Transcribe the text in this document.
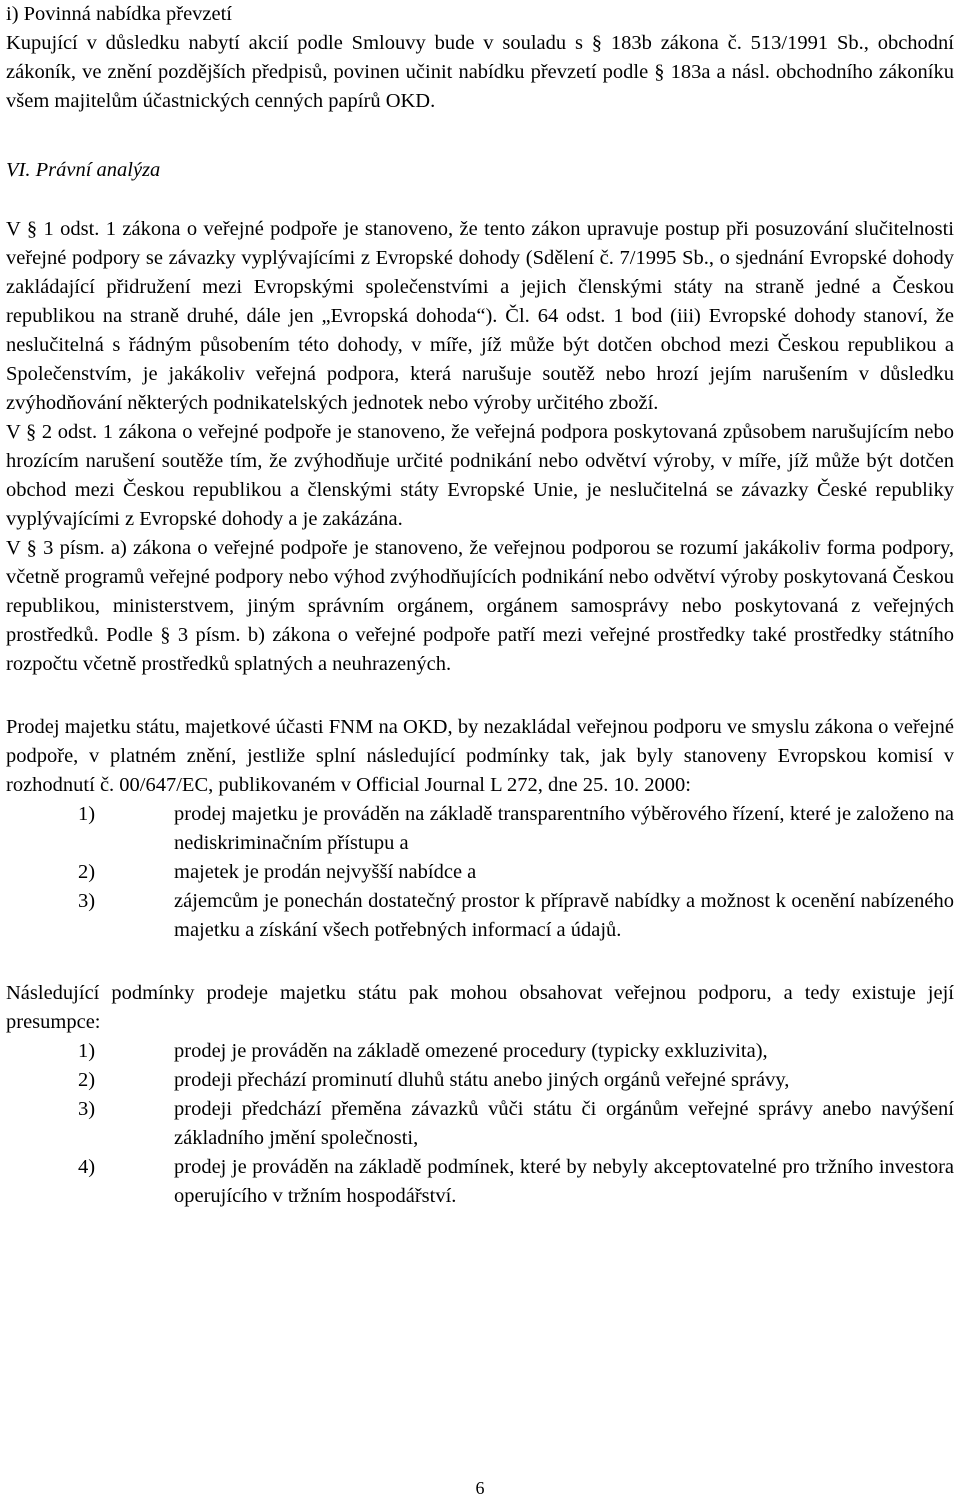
i) Povinná nabídka převzetí

Kupující v důsledku nabytí akcií podle Smlouvy bude v souladu s § 183b zákona č. 513/1991 Sb., obchodní zákoník, ve znění pozdějších předpisů, povinen učinit nabídku převzetí podle § 183a a násl. obchodního zákoníku všem majitelům účastnických cenných papírů OKD.

VI. Právní analýza

V § 1 odst. 1 zákona o veřejné podpoře je stanoveno, že tento zákon upravuje postup při posuzování slučitelnosti veřejné podpory se závazky vyplývajícími z Evropské dohody (Sdělení č. 7/1995 Sb., o sjednání Evropské dohody zakládající přidružení mezi Evropskými společenstvími a jejich členskými státy na straně jedné a Českou republikou na straně druhé, dále jen „Evropská dohoda“). Čl. 64 odst. 1 bod (iii) Evropské dohody stanoví, že neslučitelná s řádným působením této dohody, v míře, jíž může být dotčen obchod mezi Českou republikou a Společenstvím, je jakákoliv veřejná podpora, která narušuje soutěž nebo hrozí jejím narušením v důsledku zvýhodňování některých podnikatelských jednotek nebo výroby určitého zboží.

V § 2 odst. 1 zákona o veřejné podpoře je stanoveno, že veřejná podpora poskytovaná způsobem narušujícím nebo hrozícím narušení soutěže tím, že zvýhodňuje určité podnikání nebo odvětví výroby, v míře, jíž může být dotčen obchod mezi Českou republikou a členskými státy Evropské Unie, je neslučitelná se závazky České republiky vyplývajícími z Evropské dohody a je zakázána.

V § 3 písm. a) zákona o veřejné podpoře je stanoveno, že veřejnou podporou se rozumí jakákoliv forma podpory, včetně programů veřejné podpory nebo výhod zvýhodňujících podnikání nebo odvětví výroby poskytovaná Českou republikou, ministerstvem, jiným správním orgánem, orgánem samosprávy nebo poskytovaná z veřejných prostředků. Podle § 3 písm. b) zákona o veřejné podpoře patří mezi veřejné prostředky také prostředky státního rozpočtu včetně prostředků splatných a neuhrazených.

Prodej majetku státu, majetkové účasti FNM na OKD, by nezakládal veřejnou podporu ve smyslu zákona o veřejné podpoře, v platném znění, jestliže splní následující podmínky tak, jak byly stanoveny Evropskou komisí v rozhodnutí č. 00/647/EC, publikovaném v Official Journal L 272, dne 25. 10. 2000:

1)	prodej majetku je prováděn na základě transparentního výběrového řízení, které je založeno na nediskriminačním přístupu a
2)	majetek je prodán nejvyšší nabídce a
3)	zájemcům je ponechán dostatečný prostor k přípravě nabídky a možnost k ocenění nabízeného majetku a získání všech potřebných informací a údajů.

Následující podmínky prodeje majetku státu pak mohou obsahovat veřejnou podporu, a tedy existuje její presumpce:

1)	prodej je prováděn na základě omezené procedury (typicky exkluzivita),
2)	prodeji přechází prominutí dluhů státu anebo jiných orgánů veřejné správy,
3)	prodeji předchází přeměna závazků vůči státu či orgánům veřejné správy anebo navýšení základního jmění společnosti,
4)	prodej je prováděn na základě podmínek, které by nebyly akceptovatelné pro tržního investora operujícího v tržním hospodářství.
6
